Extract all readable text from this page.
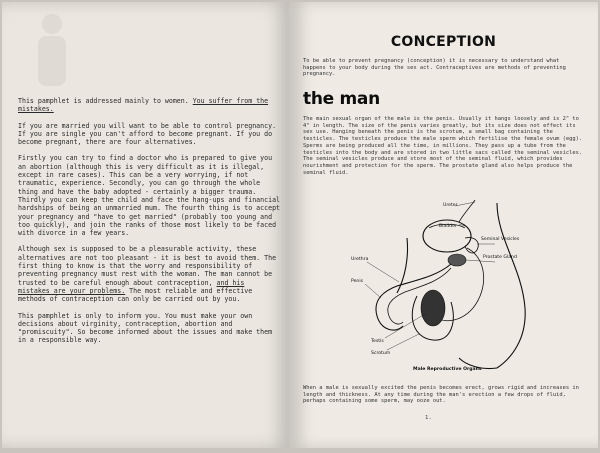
This pamphlet is addressed mainly to women. You suffer from the mistakes.

If you are married you will want to be able to control pregnancy. If you are single you can't afford to become pregnant. If you do become pregnant, there are four alternatives.

Firstly you can try to find a doctor who is prepared to give you an abortion (although this is very difficult as it is illegal, except in rare cases). This can be a very worrying, if not traumatic, experience. Secondly, you can go through the whole thing and have the baby adopted - certainly a bigger trauma. Thirdly you can keep the child and face the hang-ups and financial hardships of being an unmarried mum. The fourth thing is to accept your pregnancy and "have to get married" (probably too young and too quickly), and join the ranks of those most likely to be faced with divorce in a few years.

Although sex is supposed to be a pleasurable activity, these alternatives are not too pleasant - it is best to avoid them. The first thing to know is that the worry and responsibility of preventing pregnancy must rest with the woman. The man cannot be trusted to be careful enough about contraception, and his mistakes are your problems. The most reliable and effective methods of contraception can only be carried out by you.

This pamphlet is only to inform you. You must make your own decisions about virginity, contraception, abortion and "promiscuity". So become informed about the issues and make them in a responsible way.

CONCEPTION
To be able to prevent pregnancy (conception) it is necessary to understand what happens to your body during the sex act. Contraceptives are methods of preventing pregnancy.
the man
The main sexual organ of the male is the penis. Usually it hangs loosely and is 2" to 4" in length. The size of the penis varies greatly, but its size does not effect its sex use. Hanging beneath the penis is the scrotum, a small bag containing the testicles. The testicles produce the male sperm which fertilise the female ovum (egg). Sperms are being produced all the time, in millions. They pass up a tube from the testicles into the body and are stored in two little sacs called the seminal vesicles. The seminal vesicles produce and store most of the seminal fluid, which provides nourishment and protection for the sperm. The prostate gland also helps produce the seminal fluid.
Ureter
Bladder
Seminal Vesicles
Prostate Gland
Urethra
Penis
Testis
Scrotum
Male Reproductive Organs
When a male is sexually excited the penis becomes erect, grows rigid and increases in length and thickness. At any time during the man's erection a few drops of fluid, perhaps containing some sperm, may ooze out.
1.
